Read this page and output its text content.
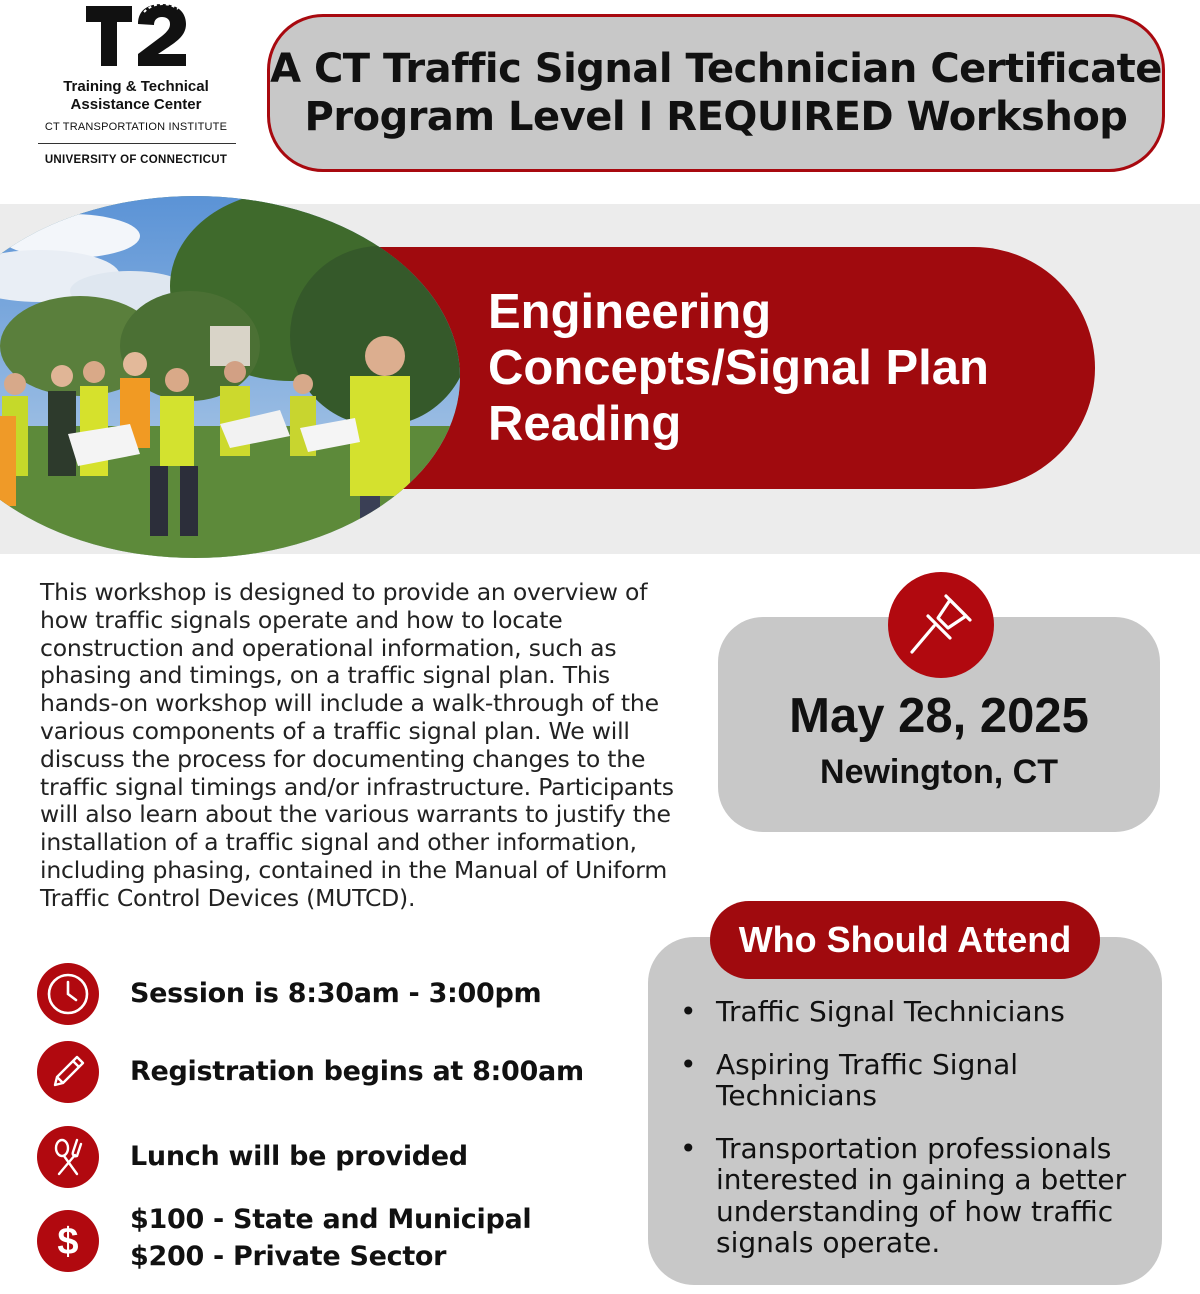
Training & Technical
Assistance Center
CT TRANSPORTATION INSTITUTE
UNIVERSITY OF CONNECTICUT
A CT Traffic Signal Technician Certificate
Program Level I REQUIRED Workshop
Engineering
Concepts/Signal Plan
Reading
This workshop is designed to provide an overview of how traffic signals operate and how to locate construction and operational information, such as phasing and timings, on a traffic signal plan. This hands-on workshop will include a walk-through of the various components of a traffic signal plan. We will discuss the process for documenting changes to the traffic signal timings and/or infrastructure. Participants will also learn about the various warrants to justify the installation of a traffic signal and other information, including phasing, contained in the Manual of Uniform Traffic Control Devices (MUTCD).
May 28, 2025
Newington, CT
Session is 8:30am - 3:00pm
Registration begins at 8:00am
Lunch will be provided
$
$100 - State and Municipal
$200 - Private Sector
Who Should Attend
• Traffic Signal Technicians
• Aspiring Traffic Signal Technicians
• Transportation professionals interested in gaining a better understanding of how traffic signals operate.
